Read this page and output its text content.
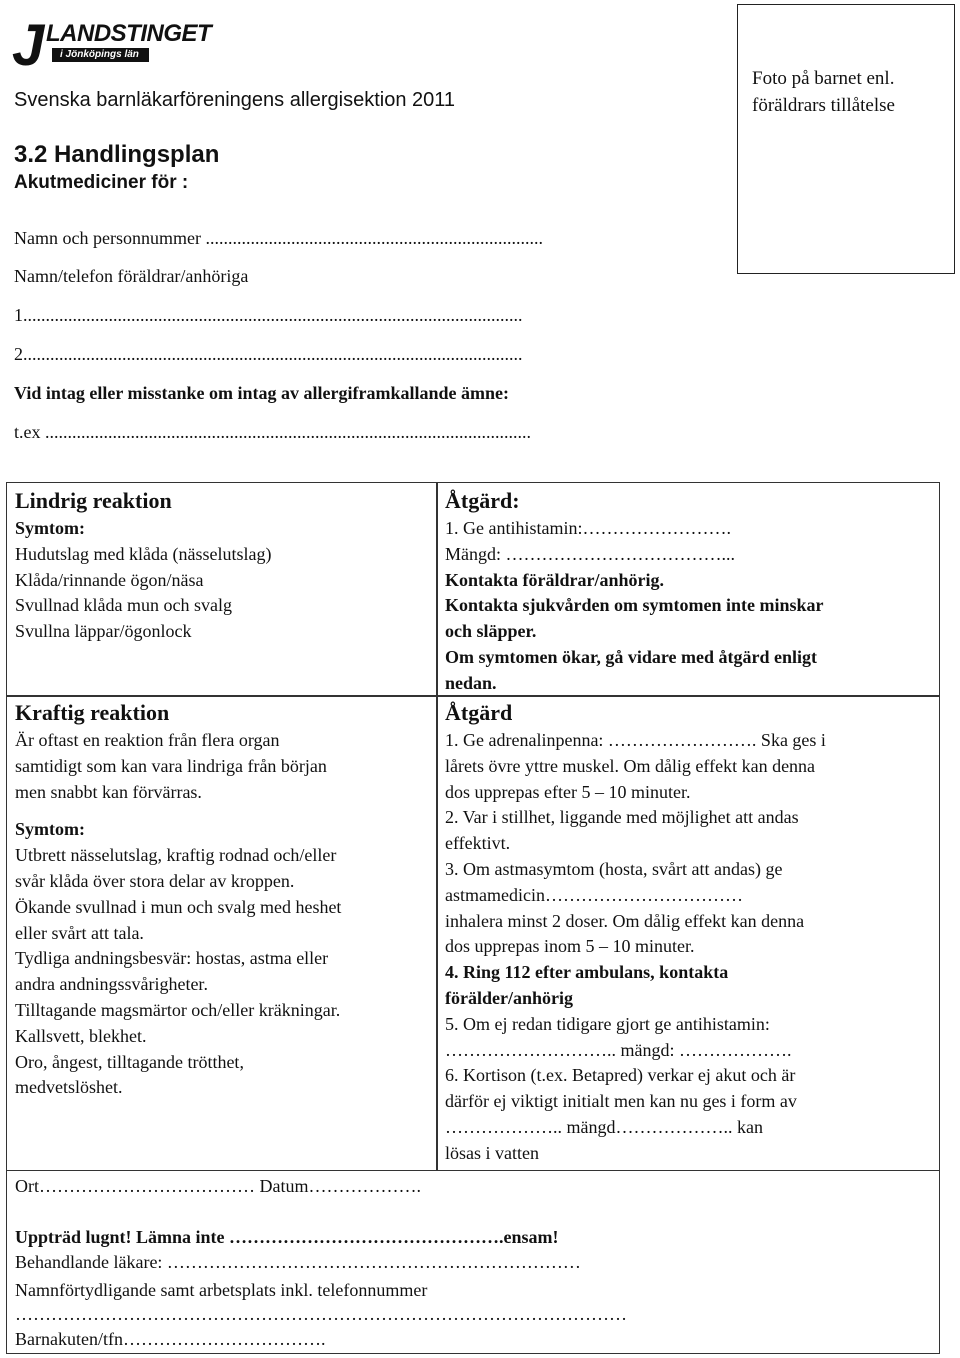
J LANDSTINGET
i Jönköpings län
Svenska barnläkarföreningens allergisektion 2011
3.2 Handlingsplan
Akutmediciner för :
Foto på barnet enl.
föräldrars tillåtelse
Namn och personnummer ...........................................................................
Namn/telefon föräldrar/anhöriga
1...............................................................................................................
2...............................................................................................................
Vid intag eller misstanke om intag av allergiframkallande ämne:
t.ex ............................................................................................................
Lindrig reaktion
Symtom:
Hudutslag med klåda (nässelutslag)
Klåda/rinnande ögon/näsa
Svullnad klåda mun och svalg
Svullna läppar/ögonlock
Åtgärd:
1. Ge antihistamin:…………………….
Mängd: ………………………………...
Kontakta föräldrar/anhörig.
Kontakta sjukvården om symtomen inte minskar
och släpper.
Om symtomen ökar, gå vidare med åtgärd enligt
nedan.
Kraftig reaktion
Är oftast en reaktion från flera organ
samtidigt som kan vara lindriga från början
men snabbt kan förvärras.
Symtom:
Utbrett nässelutslag, kraftig rodnad och/eller
svår klåda över stora delar av kroppen.
Ökande svullnad i mun och svalg med heshet
eller svårt att tala.
Tydliga andningsbesvär: hostas, astma eller
andra andningssvårigheter.
Tilltagande magsmärtor och/eller kräkningar.
Kallsvett, blekhet.
Oro, ångest, tilltagande trötthet,
medvetslöshet.
Åtgärd
1. Ge adrenalinpenna: ……………………. Ska ges i
lårets övre yttre muskel. Om dålig effekt kan denna
dos upprepas efter 5 – 10 minuter.
2. Var i stillhet, liggande med möjlighet att andas
effektivt.
3. Om astmasymtom (hosta, svårt att andas) ge
astmamedicin……………………………
inhalera minst 2 doser. Om dålig effekt kan denna
dos upprepas inom 5 – 10 minuter.
4. Ring 112 efter ambulans, kontakta
förälder/anhörig
5. Om ej redan tidigare gjort ge antihistamin:
……………………….. mängd: ……………….
6. Kortison (t.ex. Betapred) verkar ej akut och är
därför ej viktigt initialt men kan nu ges i form av
……………….. mängd……………….. kan
lösas i vatten
Ort……………………………… Datum……………….
Uppträd lugnt! Lämna inte ……………………………………….ensam!
Behandlande läkare: ……………………………………………………………
Namnförtydligande samt arbetsplats inkl. telefonnummer
…………………………………………………………………………………………
Barnakuten/tfn…………………………….
